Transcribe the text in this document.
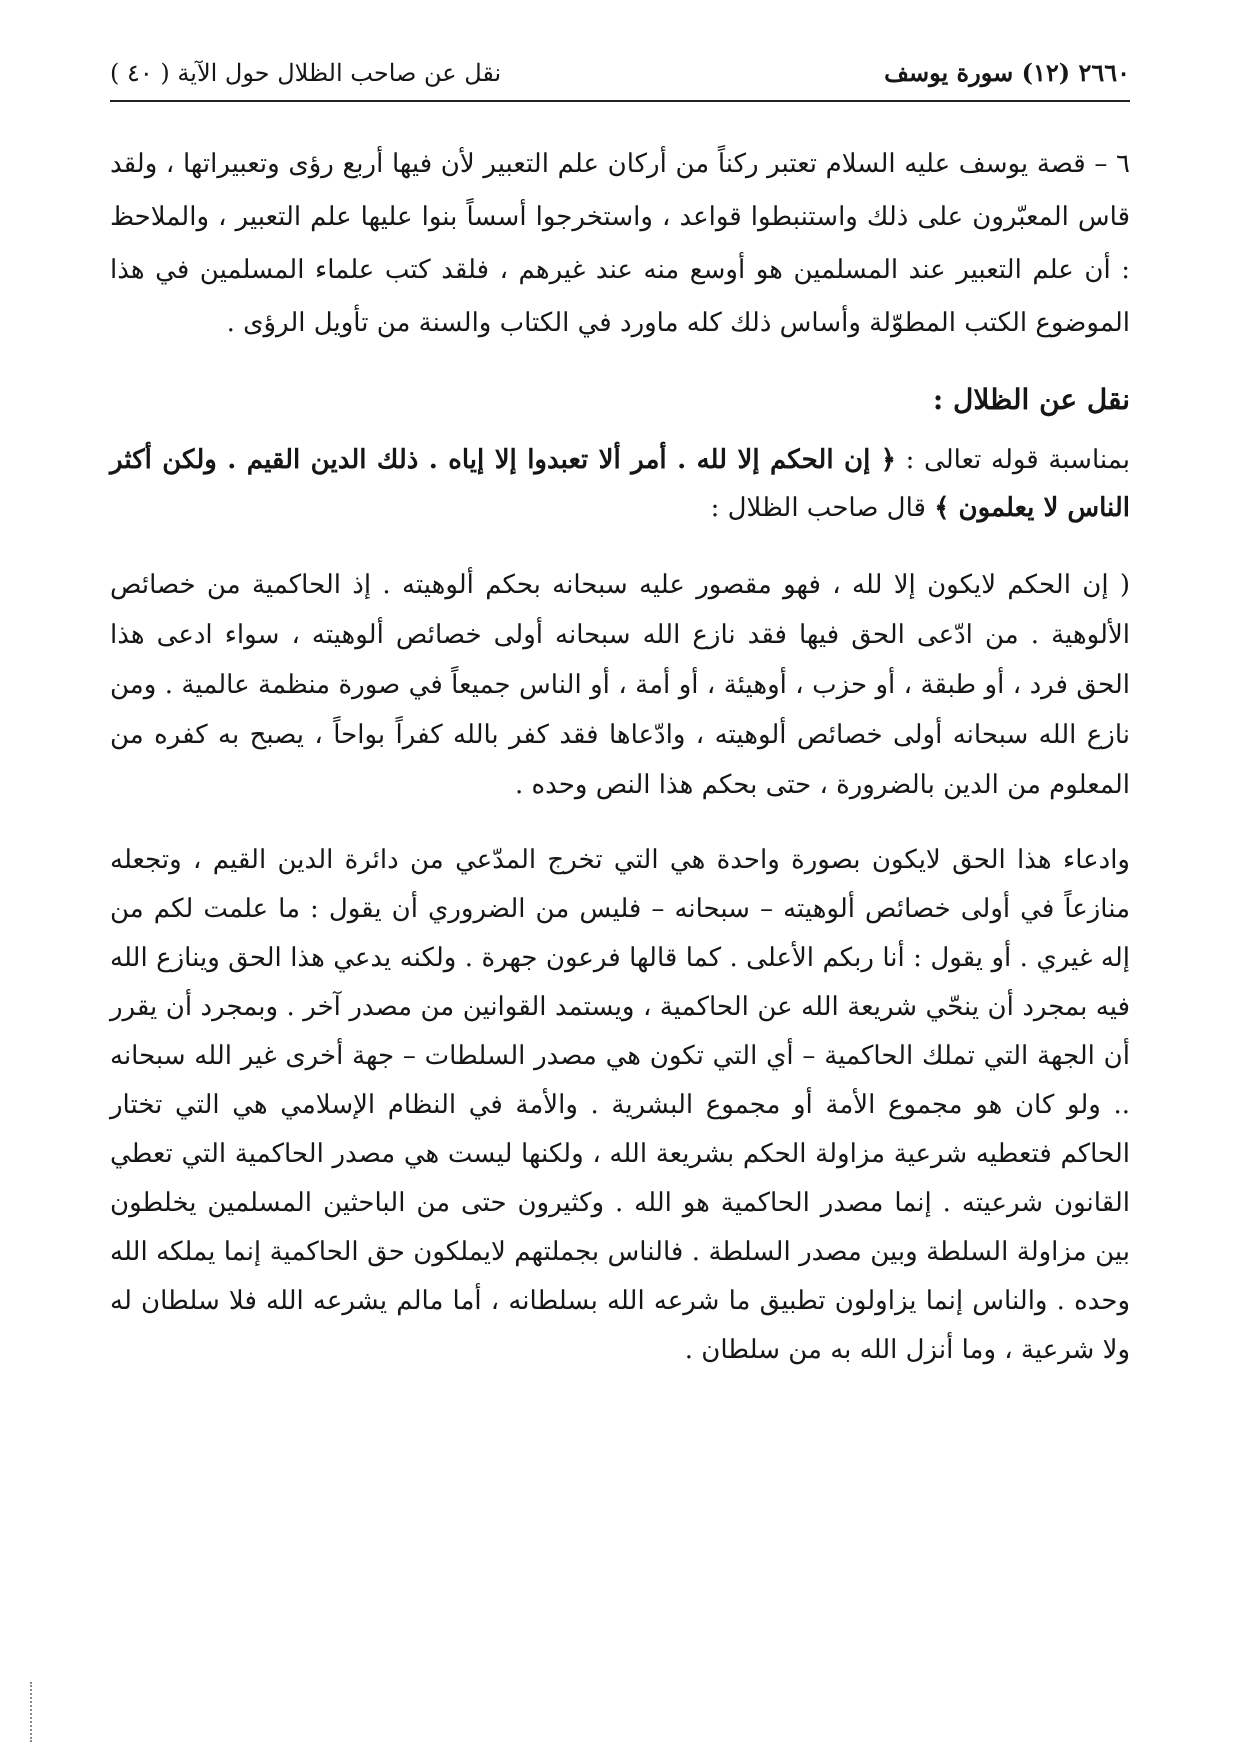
٢٦٦٠ (١٢) سورة يوسف
نقل عن صاحب الظلال حول الآية ( ٤٠ )

٦ – قصة يوسف عليه السلام تعتبر ركناً من أركان علم التعبير لأن فيها أربع رؤى وتعبيراتها ، ولقد قاس المعبّرون على ذلك واستنبطوا قواعد ، واستخرجوا أسساً بنوا عليها علم التعبير ، والملاحظ : أن علم التعبير عند المسلمين هو أوسع منه عند غيرهم ، فلقد كتب علماء المسلمين في هذا الموضوع الكتب المطوّلة وأساس ذلك كله ماورد في الكتاب والسنة من تأويل الرؤى .

نقل عن الظلال :

بمناسبة قوله تعالى : ﴿ إن الحكم إلا لله . أمر ألا تعبدوا إلا إياه . ذلك الدين القيم . ولكن أكثر الناس لا يعلمون ﴾ قال صاحب الظلال :

( إن الحكم لايكون إلا لله ، فهو مقصور عليه سبحانه بحكم ألوهيته . إذ الحاكمية من خصائص الألوهية . من ادّعى الحق فيها فقد نازع الله سبحانه أولى خصائص ألوهيته ، سواء ادعى هذا الحق فرد ، أو طبقة ، أو حزب ، أوهيئة ، أو أمة ، أو الناس جميعاً في صورة منظمة عالمية . ومن نازع الله سبحانه أولى خصائص ألوهيته ، وادّعاها فقد كفر بالله كفراً بواحاً ، يصبح به كفره من المعلوم من الدين بالضرورة ، حتى بحكم هذا النص وحده .

وادعاء هذا الحق لايكون بصورة واحدة هي التي تخرج المدّعي من دائرة الدين القيم ، وتجعله منازعاً في أولى خصائص ألوهيته – سبحانه – فليس من الضروري أن يقول : ما علمت لكم من إله غيري . أو يقول : أنا ربكم الأعلى . كما قالها فرعون جهرة . ولكنه يدعي هذا الحق وينازع الله فيه بمجرد أن ينحّي شريعة الله عن الحاكمية ، ويستمد القوانين من مصدر آخر . وبمجرد أن يقرر أن الجهة التي تملك الحاكمية – أي التي تكون هي مصدر السلطات – جهة أخرى غير الله سبحانه .. ولو كان هو مجموع الأمة أو مجموع البشرية . والأمة في النظام الإسلامي هي التي تختار الحاكم فتعطيه شرعية مزاولة الحكم بشريعة الله ، ولكنها ليست هي مصدر الحاكمية التي تعطي القانون شرعيته . إنما مصدر الحاكمية هو الله . وكثيرون حتى من الباحثين المسلمين يخلطون بين مزاولة السلطة وبين مصدر السلطة . فالناس بجملتهم لايملكون حق الحاكمية إنما يملكه الله وحده . والناس إنما يزاولون تطبيق ما شرعه الله بسلطانه ، أما مالم يشرعه الله فلا سلطان له ولا شرعية ، وما أنزل الله به من سلطان .
